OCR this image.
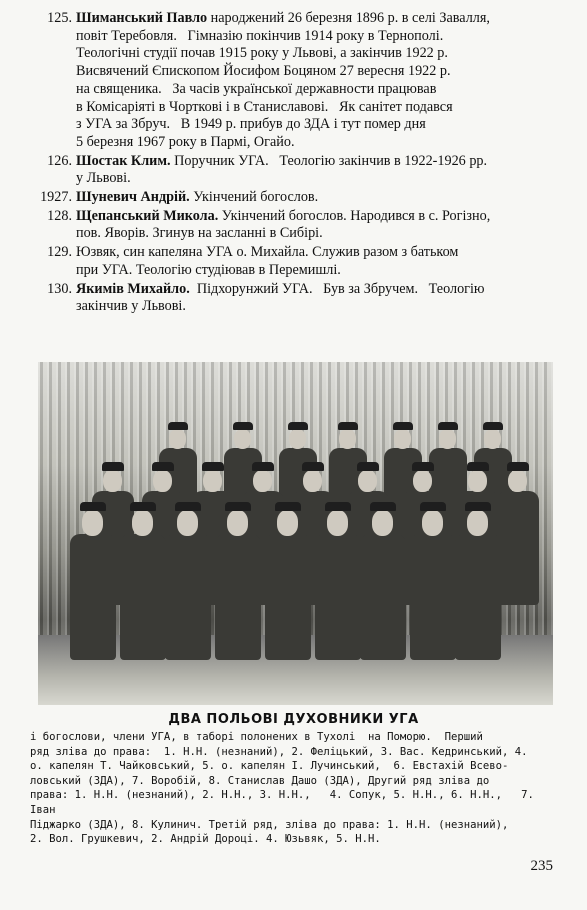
125. Шиманський Павло народжений 26 березня 1896 р. в селі Завалля,
повіт Теребовля.   Гімназію покінчив 1914 року в Тернополі.
Теологічні студії почав 1915 року у Львові, а закінчив 1922 р.
Висвячений Єпископом Йосифом Боцяном 27 вересня 1922 р.
на священика.   За часів української державности працював
в Комісаріяті в Чорткові і в Станиславові.   Як санітет подався
з УГА за Збруч.   В 1949 р. прибув до ЗДА і тут помер дня
5 березня 1967 року в Пармі, Огайо.
126. Шостак Клим. Поручник УГА.   Теологію закінчив в 1922-1926 рр.
у Львові.
1927. Шуневич Андрій. Укінчений богослов.
128. Щепанський Микола. Укінчений богослов. Народився в с. Рогізно,
пов. Яворів. Згинув на засланні в Сибірі.
129. Юзвяк, син капеляна УГА о. Михайла. Служив разом з батьком
при УГА. Теологію студіював в Перемишлі.
130. Якимів Михайло.  Підхорунжий УГА.   Був за Збручем.   Теологію
закінчив у Львові.
ДВА ПОЛЬОВІ ДУХОВНИКИ УГА
і богослови, члени УГА, в таборі полонених в Тухолі  на Поморю.  Перший
ряд зліва до права:  1. Н.Н. (незнаний), 2. Феліцький, 3. Вас. Кедринський, 4.
о. капелян Т. Чайковський, 5. о. капелян І. Лучинський,  6. Евстахій Всево-
ловський (ЗДА), 7. Воробій, 8. Станислав Дашо (ЗДА), Другий ряд зліва до
права: 1. Н.Н. (незнаний), 2. Н.Н., 3. Н.Н.,   4. Сопук, 5. Н.Н., 6. Н.Н.,   7. Іван
Піджарко (ЗДА), 8. Кулинич. Третій ряд, зліва до права: 1. Н.Н. (незнаний),
2. Вол. Грушкевич, 2. Андрій Дороці. 4. Юзьвяк, 5. Н.Н.
235
